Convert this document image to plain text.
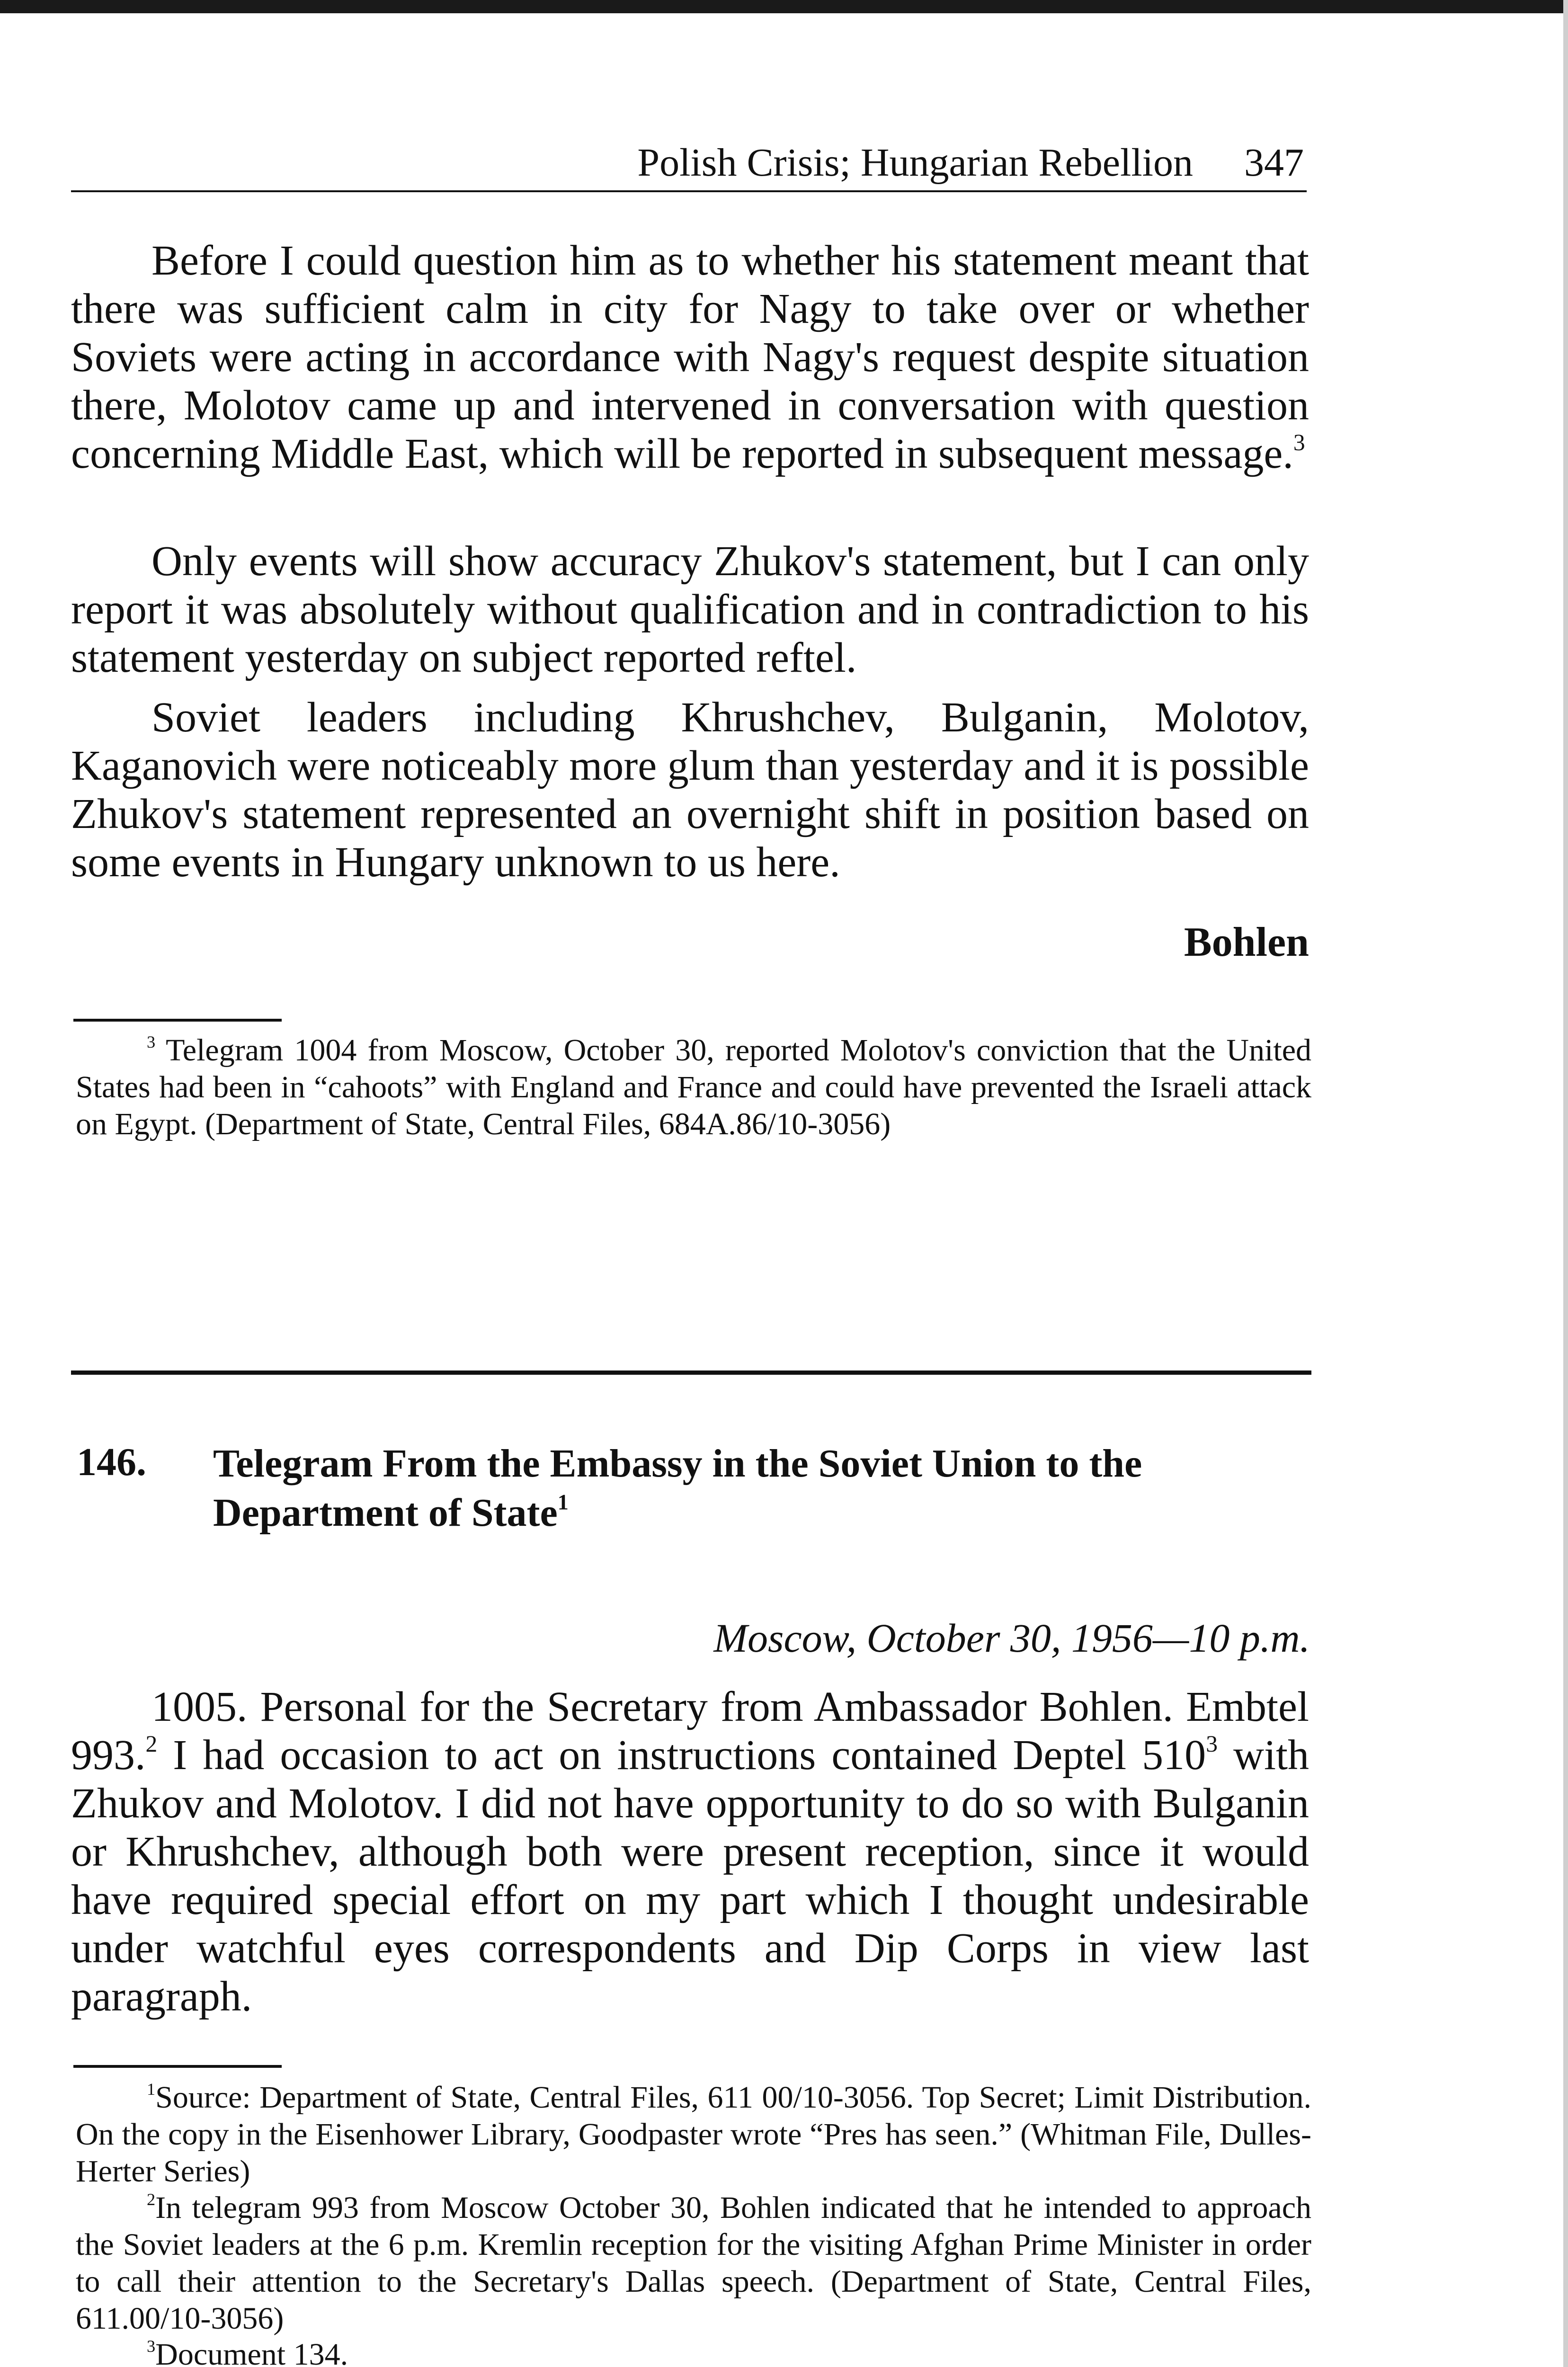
Polish Crisis; Hungarian Rebellion 347

Before I could question him as to whether his statement meant that there was sufficient calm in city for Nagy to take over or whether Soviets were acting in accordance with Nagy's request despite situation there, Molotov came up and intervened in conversation with question concerning Middle East, which will be reported in subsequent message.$^3$

Only events will show accuracy Zhukov's statement, but I can only report it was absolutely without qualification and in contradiction to his statement yesterday on subject reported reftel.

Soviet leaders including Khrushchev, Bulganin, Molotov, Kaganovich were noticeably more glum than yesterday and it is possible Zhukov's statement represented an overnight shift in position based on some events in Hungary unknown to us here.

Bohlen

$^3$ Telegram 1004 from Moscow, October 30, reported Molotov's conviction that the United States had been in “cahoots” with England and France and could have prevented the Israeli attack on Egypt. (Department of State, Central Files, 684A.86/10-3056)

146. Telegram From the Embassy in the Soviet Union to the Department of State$^1$
Moscow, October 30, 1956—10 p.m.

1005. Personal for the Secretary from Ambassador Bohlen. Embtel 993.$^2$ I had occasion to act on instructions contained Deptel $510^3$ with Zhukov and Molotov. I did not have opportunity to do so with Bulganin or Khrushchev, although both were present reception, since it would have required special effort on my part which I thought undesirable under watchful eyes correspondents and Dip Corps in view last paragraph.

$^1$Source: Department of State, Central Files, 611 00/10-3056. Top Secret; Limit Distribution. On the copy in the Eisenhower Library, Goodpaster wrote “Pres has seen.” (Whitman File, Dulles-Herter Series)

$^2$In telegram 993 from Moscow October 30, Bohlen indicated that he intended to approach the Soviet leaders at the 6 p.m. Kremlin reception for the visiting Afghan Prime Minister in order to call their attention to the Secretary's Dallas speech. (Department of State, Central Files, 611.00/10-3056)

$^3$Document 134.
